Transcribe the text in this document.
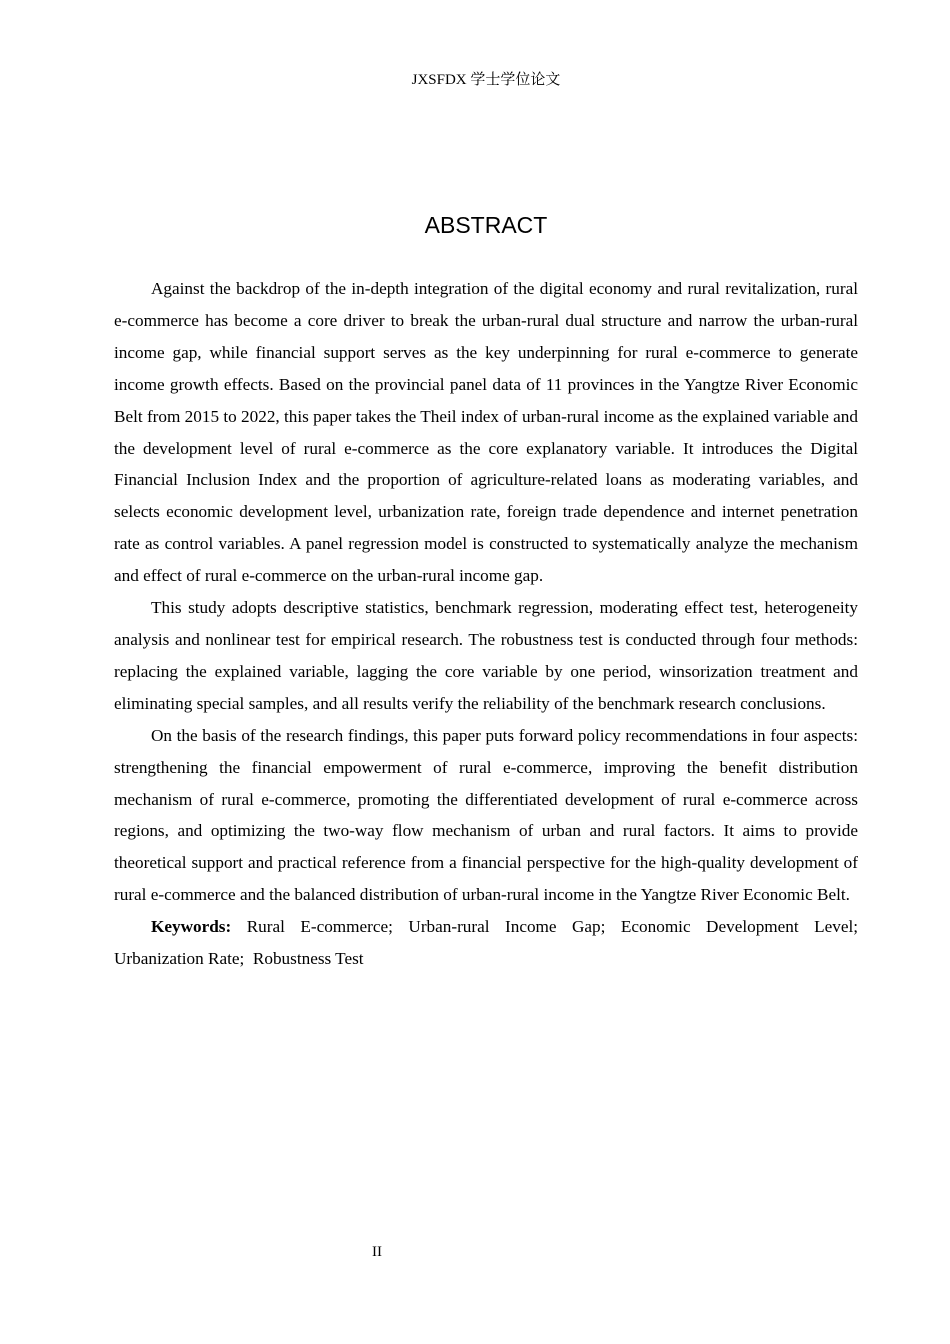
JXSFDX 学士学位论文
ABSTRACT

Against the backdrop of the in-depth integration of the digital economy and rural revitalization, rural e-commerce has become a core driver to break the urban-rural dual structure and narrow the urban-rural income gap, while financial support serves as the key underpinning for rural e-commerce to generate income growth effects. Based on the provincial panel data of 11 provinces in the Yangtze River Economic Belt from 2015 to 2022, this paper takes the Theil index of urban-rural income as the explained variable and the development level of rural e-commerce as the core explanatory variable. It introduces the Digital Financial Inclusion Index and the proportion of agriculture-related loans as moderating variables, and selects economic development level, urbanization rate, foreign trade dependence and internet penetration rate as control variables. A panel regression model is constructed to systematically analyze the mechanism and effect of rural e-commerce on the urban-rural income gap.

This study adopts descriptive statistics, benchmark regression, moderating effect test, heterogeneity analysis and nonlinear test for empirical research. The robustness test is conducted through four methods: replacing the explained variable, lagging the core variable by one period, winsorization treatment and eliminating special samples, and all results verify the reliability of the benchmark research conclusions.

On the basis of the research findings, this paper puts forward policy recommendations in four aspects: strengthening the financial empowerment of rural e-commerce, improving the benefit distribution mechanism of rural e-commerce, promoting the differentiated development of rural e-commerce across regions, and optimizing the two-way flow mechanism of urban and rural factors. It aims to provide theoretical support and practical reference from a financial perspective for the high-quality development of rural e-commerce and the balanced distribution of urban-rural income in the Yangtze River Economic Belt.

Keywords: Rural E-commerce; Urban-rural Income Gap; Economic Development Level; Urbanization Rate; Robustness Test

II
